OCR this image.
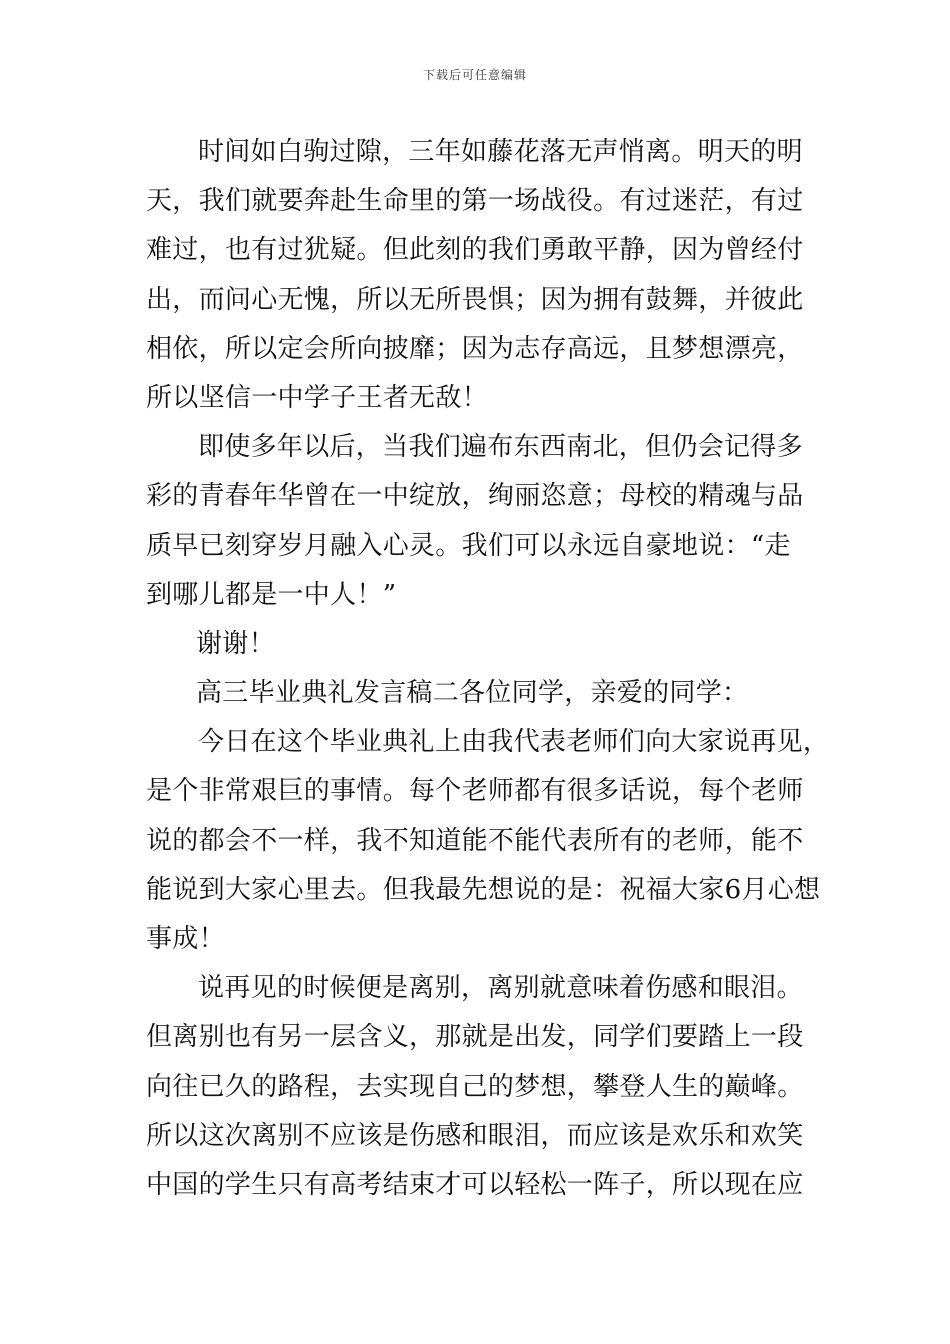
下载后可任意编辑
时间如白驹过隙，三年如藤花落无声悄离。明天的明
天，我们就要奔赴生命里的第一场战役。有过迷茫，有过
难过，也有过犹疑。但此刻的我们勇敢平静，因为曾经付
出，而问心无愧，所以无所畏惧；因为拥有鼓舞，并彼此
相依，所以定会所向披靡；因为志存高远，且梦想漂亮，
所以坚信一中学子王者无敌！
即使多年以后，当我们遍布东西南北，但仍会记得多
彩的青春年华曾在一中绽放，绚丽恣意；母校的精魂与品
质早已刻穿岁月融入心灵。我们可以永远自豪地说：“走
到哪儿都是一中人！”
谢谢！
高三毕业典礼发言稿二各位同学，亲爱的同学：
今日在这个毕业典礼上由我代表老师们向大家说再见，
是个非常艰巨的事情。每个老师都有很多话说，每个老师
说的都会不一样，我不知道能不能代表所有的老师，能不
能说到大家心里去。但我最先想说的是：祝福大家6月心想
事成！
说再见的时候便是离别，离别就意味着伤感和眼泪。
但离别也有另一层含义，那就是出发，同学们要踏上一段
向往已久的路程，去实现自己的梦想，攀登人生的巅峰。
所以这次离别不应该是伤感和眼泪，而应该是欢乐和欢笑
中国的学生只有高考结束才可以轻松一阵子，所以现在应
